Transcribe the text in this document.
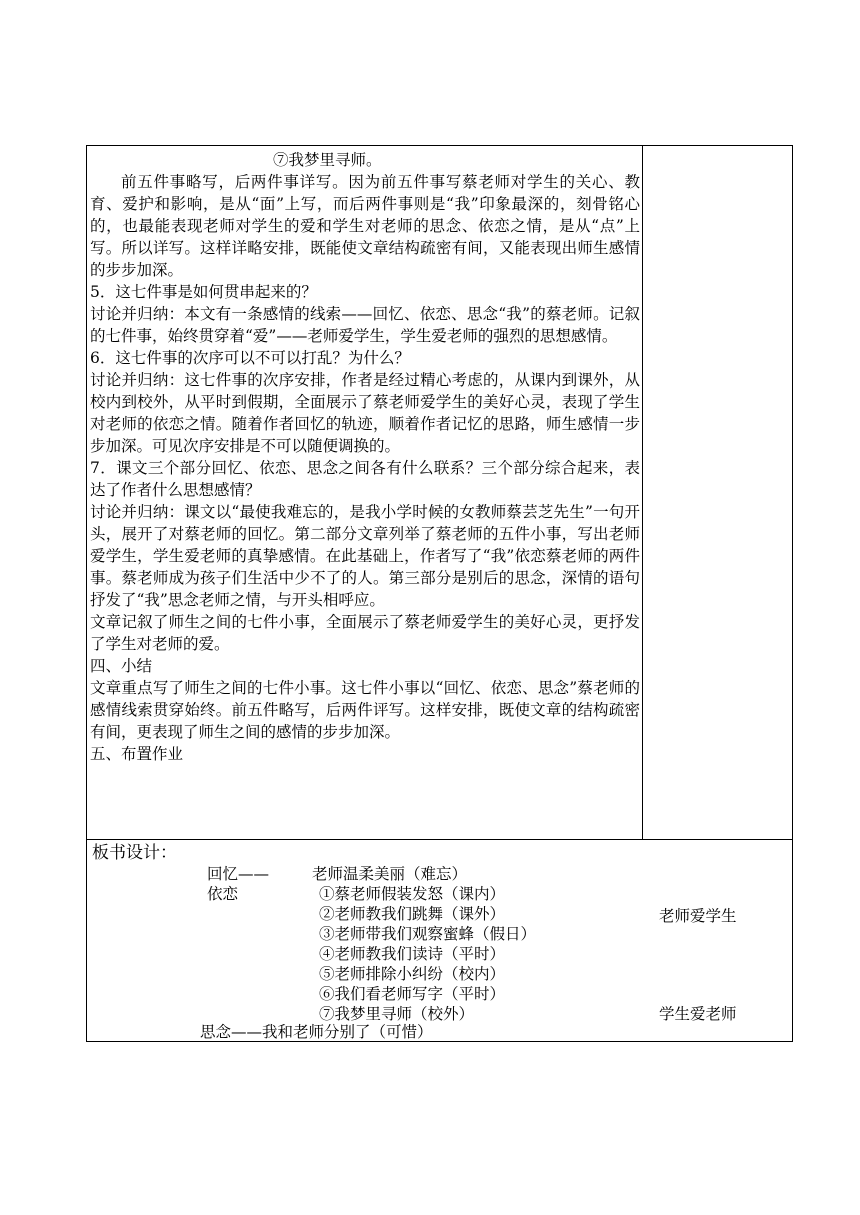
⑦我梦里寻师。

前五件事略写，后两件事详写。因为前五件事写蔡老师对学生的关心、教育、爱护和影响，是从“面”上写，而后两件事则是“我”印象最深的，刻骨铭心的，也最能表现老师对学生的爱和学生对老师的思念、依恋之情，是从“点”上写。所以详写。这样详略安排，既能使文章结构疏密有间，又能表现出师生感情的步步加深。

5．这七件事是如何贯串起来的？

讨论并归纳：本文有一条感情的线索——回忆、依恋、思念“我”的蔡老师。记叙的七件事，始终贯穿着“爱”——老师爱学生，学生爱老师的强烈的思想感情。

6．这七件事的次序可以不可以打乱？为什么？

讨论并归纳：这七件事的次序安排，作者是经过精心考虑的，从课内到课外，从校内到校外，从平时到假期，全面展示了蔡老师爱学生的美好心灵，表现了学生对老师的依恋之情。随着作者回忆的轨迹，顺着作者记忆的思路，师生感情一步步加深。可见次序安排是不可以随便调换的。

7．课文三个部分回忆、依恋、思念之间各有什么联系？三个部分综合起来，表达了作者什么思想感情？

讨论并归纳：课文以“最使我难忘的，是我小学时候的女教师蔡芸芝先生”一句开头，展开了对蔡老师的回忆。第二部分文章列举了蔡老师的五件小事，写出老师爱学生，学生爱老师的真挚感情。在此基础上，作者写了“我”依恋蔡老师的两件事。蔡老师成为孩子们生活中少不了的人。第三部分是别后的思念，深情的语句抒发了“我”思念老师之情，与开头相呼应。

文章记叙了师生之间的七件小事，全面展示了蔡老师爱学生的美好心灵，更抒发了学生对老师的爱。

四、小结

文章重点写了师生之间的七件小事。这七件小事以“回忆、依恋、思念”蔡老师的感情线索贯穿始终。前五件略写，后两件评写。这样安排，既使文章的结构疏密有间，更表现了师生之间的感情的步步加深。

五、布置作业

板书设计：
回忆——	老师温柔美丽（难忘）
依恋	①蔡老师假装发怒（课内）
②老师教我们跳舞（课外）
③老师带我们观察蜜蜂（假日）
④老师教我们读诗（平时）
⑤老师排除小纠纷（校内）
⑥我们看老师写字（平时）
⑦我梦里寻师（校外）
老师爱学生
学生爱老师
思念——我和老师分别了（可惜）
